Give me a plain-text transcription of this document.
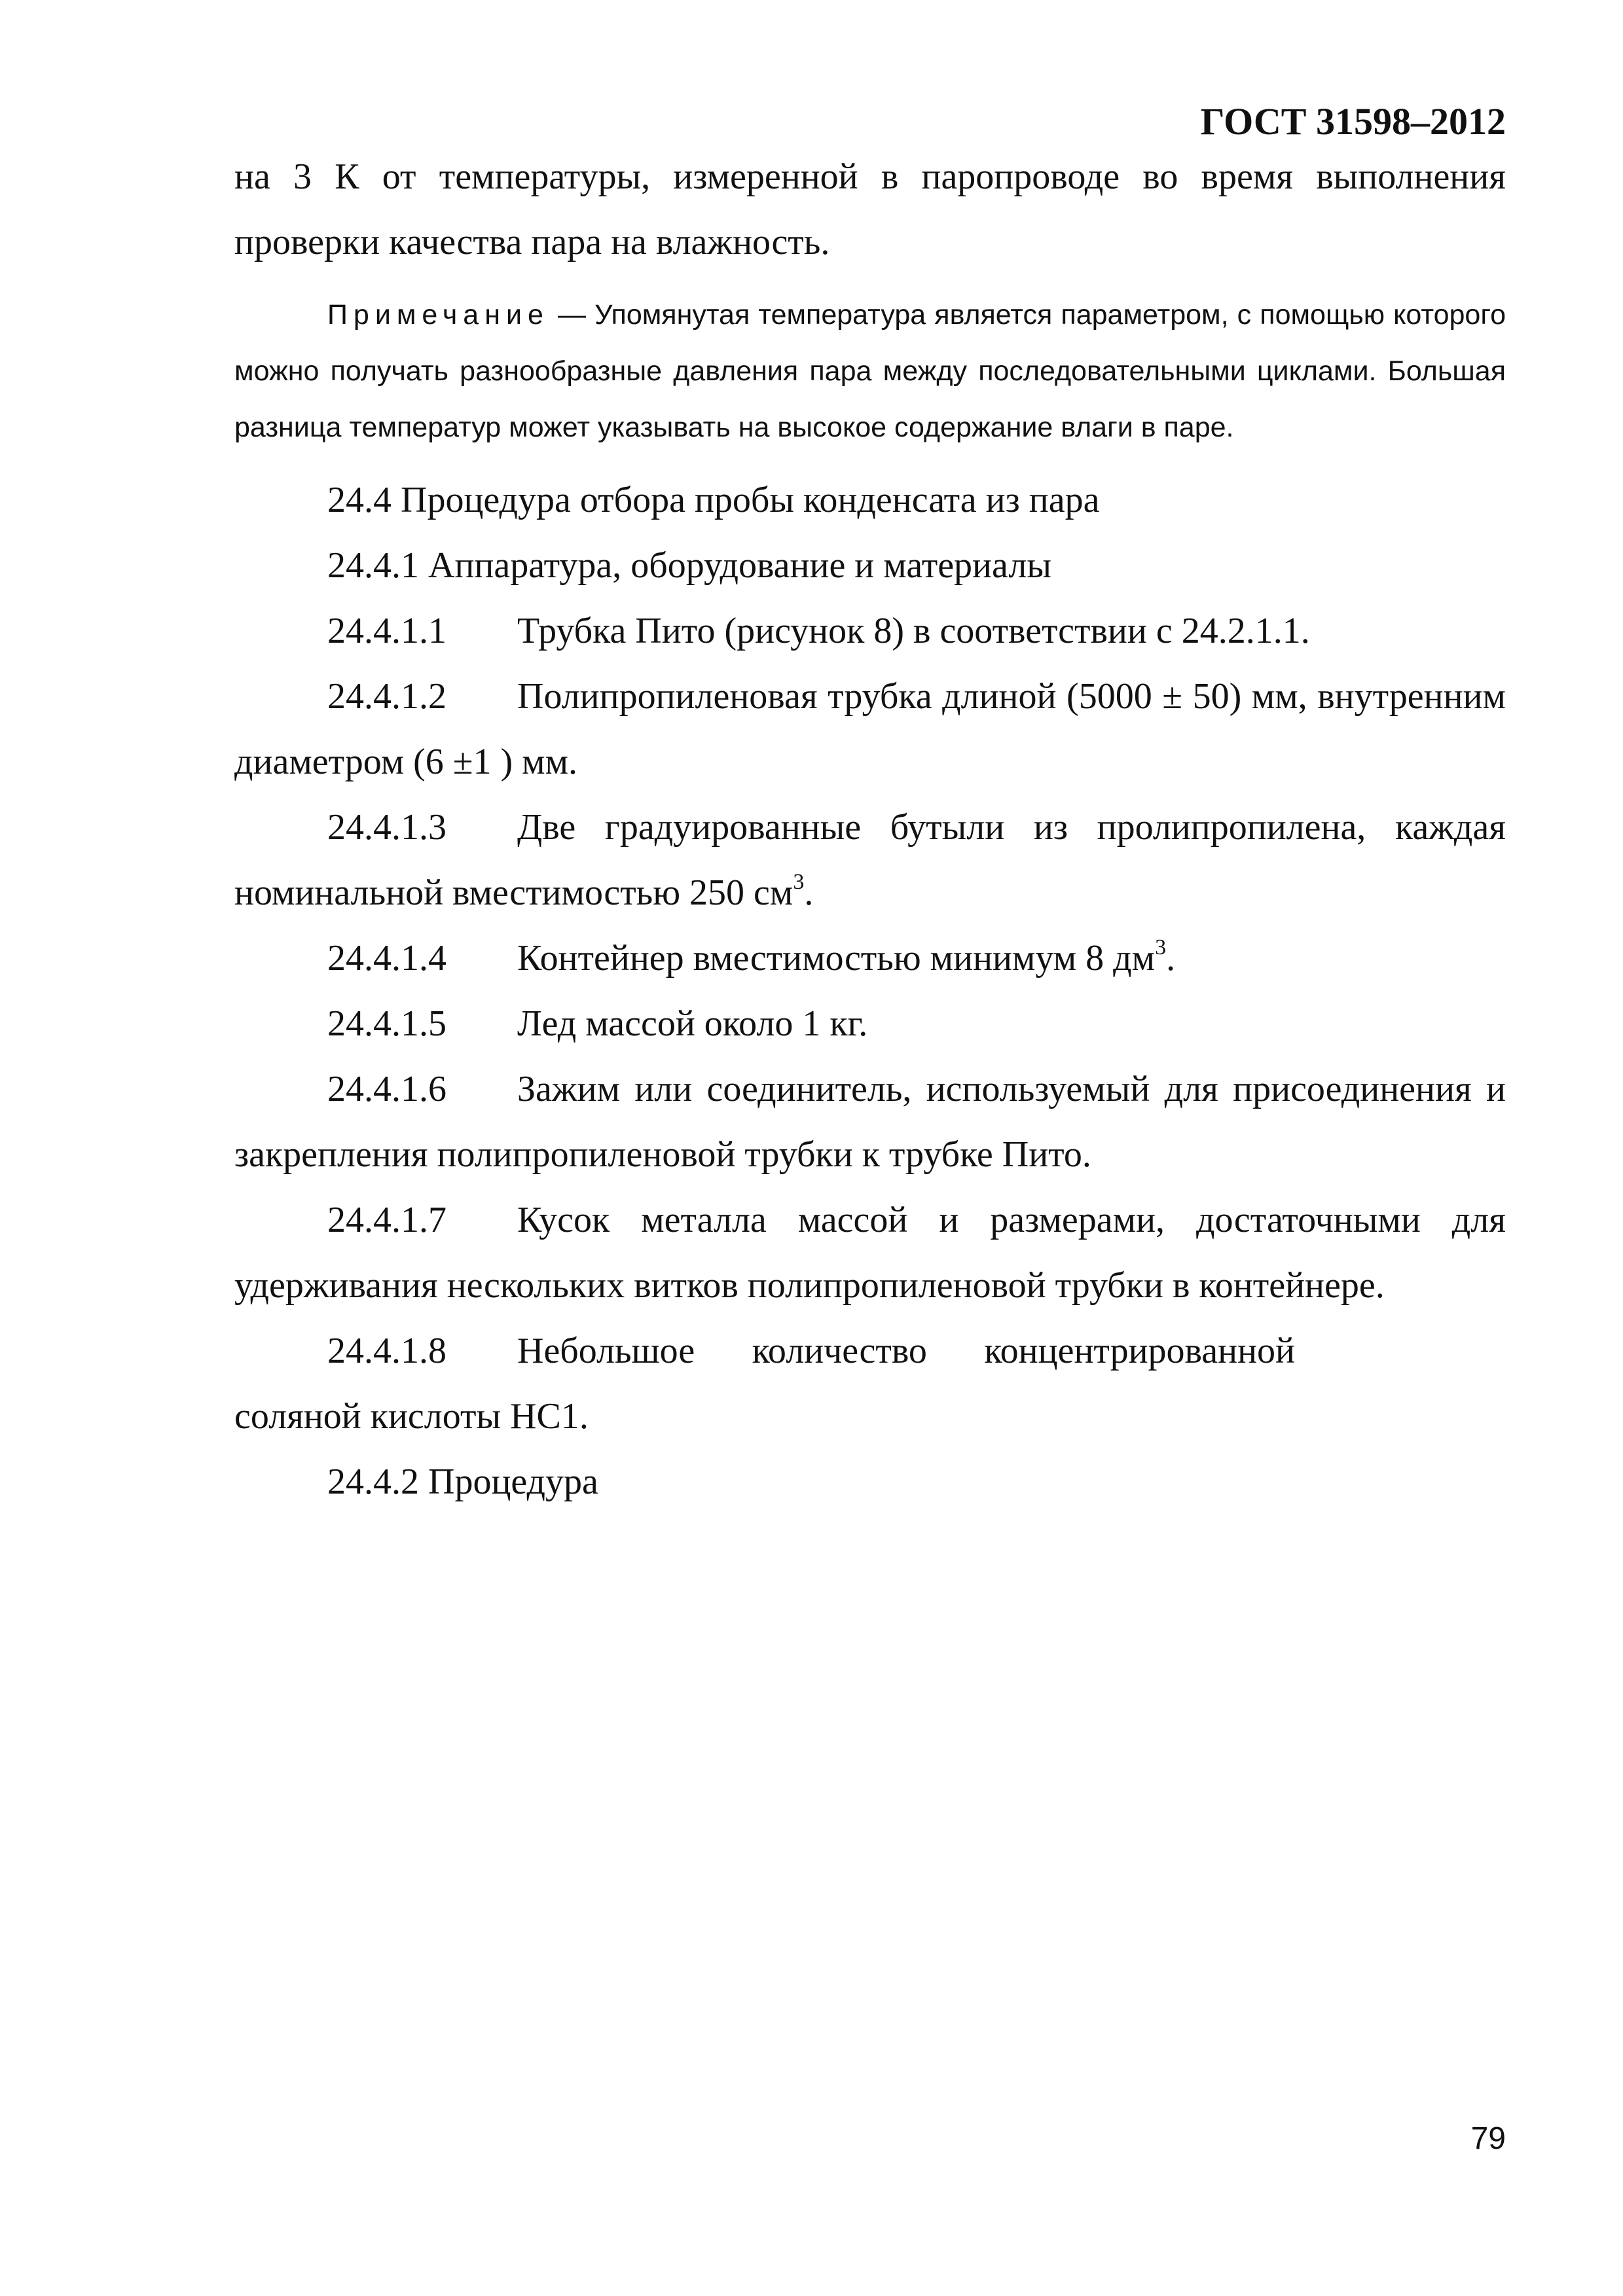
ГОСТ 31598–2012

на 3 К от температуры, измеренной в паропроводе во время выполнения проверки качества пара на влажность.

Примечание — Упомянутая температура является параметром, с помощью которого можно получать разнообразные давления пара между последовательными циклами. Большая разница температур может указывать на высокое содержание влаги в паре.

24.4 Процедура отбора пробы конденсата из пара

24.4.1 Аппаратура, оборудование и материалы

24.4.1.1 Трубка Пито (рисунок 8) в соответствии с 24.2.1.1.

24.4.1.2 Полипропиленовая трубка длиной (5000 ± 50) мм, внутренним диаметром (6 ±1 ) мм.

24.4.1.3 Две градуированные бутыли из пролипропилена, каждая номинальной вместимостью 250 $см^3$.

24.4.1.4 Контейнер вместимостью минимум 8 $дм^3$.

24.4.1.5 Лед массой около 1 кг.

24.4.1.6 Зажим или соединитель, используемый для присоединения и закрепления полипропиленовой трубки к трубке Пито.

24.4.1.7 Кусок металла массой и размерами, достаточными для удерживания нескольких витков полипропиленовой трубки в контейнере.

24.4.1.8 Небольшое количество концентрированной

соляной кислоты НС1.

24.4.2 Процедура

79
